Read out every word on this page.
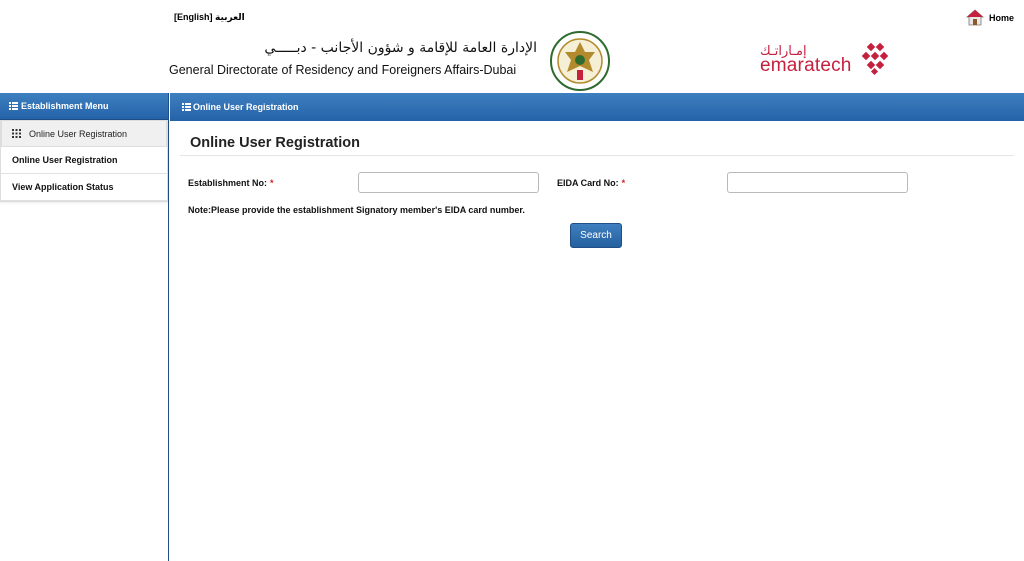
[English] العربية	Home
الإدارة العامة للإقامة و شؤون الأجانب - دبـــــي
General Directorate of Residency and Foreigners Affairs-Dubai
إمـاراتـك
emaratech
Establishment Menu
Online User Registration
Online User Registration
View Application Status
Online User Registration
Online User Registration
Establishment No: *	EIDA Card No: *
Note:Please provide the establishment Signatory member's EIDA card number.
Search
